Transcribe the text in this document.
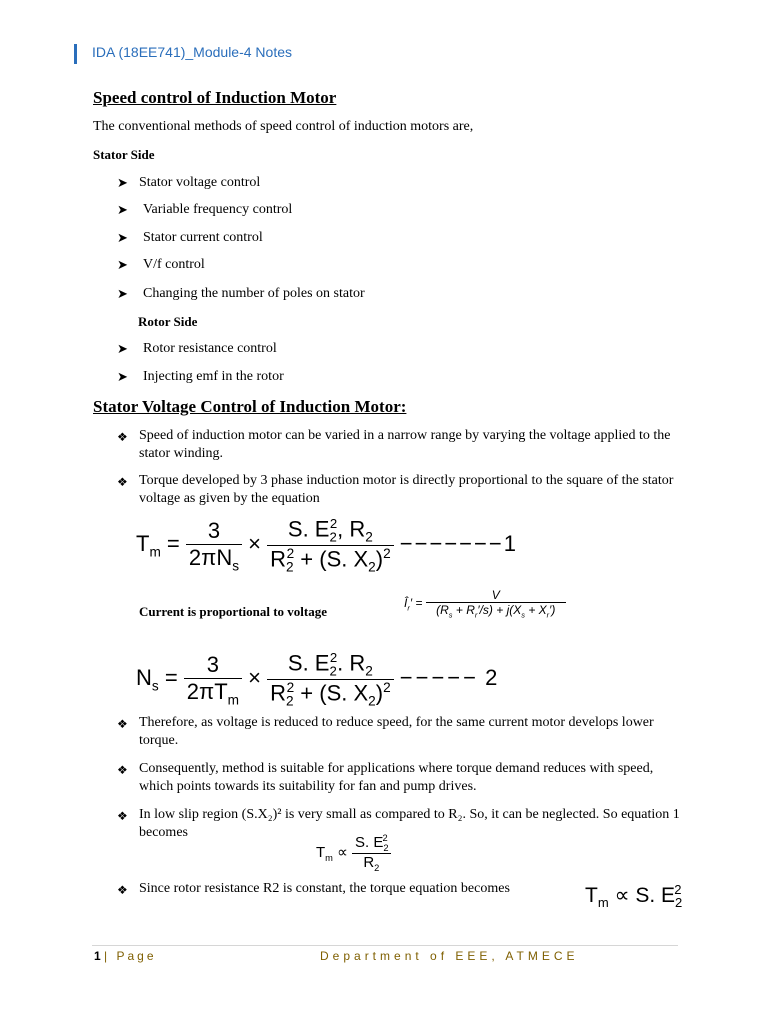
IDA (18EE741)_Module-4 Notes
Speed control of Induction Motor
The conventional methods of speed control of induction motors are,
Stator Side
➤ Stator voltage control
➤ Variable frequency control
➤ Stator current control
➤ V/f control
➤ Changing the number of poles on stator
Rotor Side
➤ Rotor resistance control
➤ Injecting emf in the rotor
Stator Voltage Control of Induction Motor:
❖ Speed of induction motor can be varied in a narrow range by varying the voltage applied to the stator winding.
❖ Torque developed by 3 phase induction motor is directly proportional to the square of the stator voltage as given by the equation
$T_m = \frac{3}{2\pi N_s} \times \frac{S. E_2^2, R_2}{R_2^2 + (S. X_2)^2} -------1$
Current is proportional to voltage
$Î_r' = \frac{V}{(R_s + R_r'/s) + j(X_s + X_r')}$
$N_s = \frac{3}{2\pi T_m} \times \frac{S. E_2^2. R_2}{R_2^2 + (S. X_2)^2}$ −−−−− 2
❖ Therefore, as voltage is reduced to reduce speed, for the same current motor develops lower torque.
❖ Consequently, method is suitable for applications where torque demand reduces with speed, which points towards its suitability for fan and pump drives.
❖ In low slip region (S.X₂)² is very small as compared to R₂. So, it can be neglected. So equation 1 becomes
$T_m \propto \frac{S. E_2^2}{R_2}$
❖ Since rotor resistance R2 is constant, the torque equation becomes	$T_m \propto S$. $E_2^2$
1 | Page	Department of EEE, ATMECE
